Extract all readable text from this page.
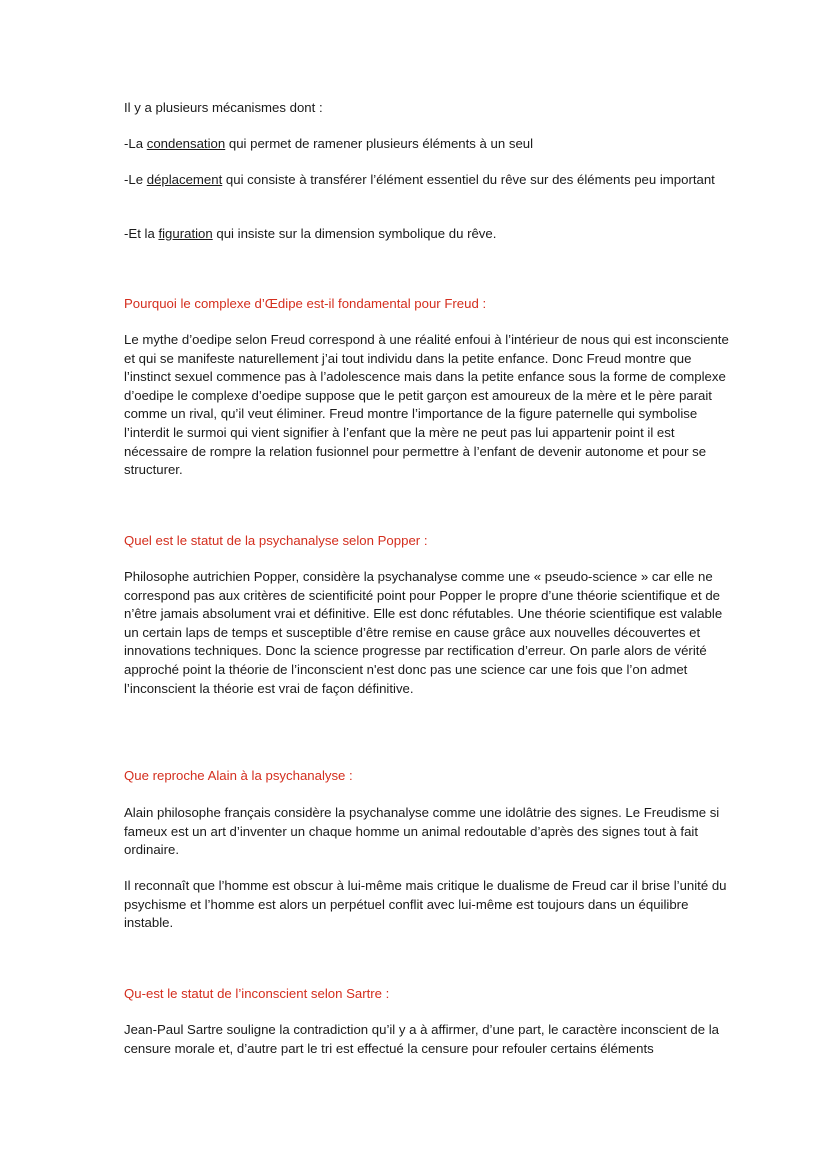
Il y a plusieurs mécanismes dont :

-La condensation qui permet de ramener plusieurs éléments à un seul

-Le déplacement qui consiste à transférer l’élément essentiel du rêve sur des éléments peu important

-Et la figuration qui insiste sur la dimension symbolique du rêve.

Pourquoi le complexe d’Œdipe est-il fondamental pour Freud :

Le mythe d’oedipe selon Freud correspond à une réalité enfoui à l’intérieur de nous qui est inconsciente et qui se manifeste naturellement j’ai tout individu dans la petite enfance. Donc Freud montre que l’instinct sexuel commence pas à l’adolescence mais dans la petite enfance sous la forme de complexe d’oedipe le complexe d’oedipe suppose que le petit garçon est amoureux de la mère et le père parait comme un rival, qu’il veut éliminer. Freud montre l’importance de la figure paternelle qui symbolise l’interdit le surmoi qui vient signifier à l’enfant que la mère ne peut pas lui appartenir point il est nécessaire de rompre la relation fusionnel pour permettre à l’enfant de devenir autonome et pour se structurer.

Quel est le statut de la psychanalyse selon Popper :

Philosophe autrichien Popper, considère la psychanalyse comme une « pseudo-science » car elle ne correspond pas aux critères de scientificité point pour Popper le propre d’une théorie scientifique et de n’être jamais absolument vrai et définitive. Elle est donc réfutables. Une théorie scientifique est valable un certain laps de temps et susceptible d’être remise en cause grâce aux nouvelles découvertes et innovations techniques. Donc la science progresse par rectification d’erreur. On parle alors de vérité approché point la théorie de l’inconscient n'est donc pas une science car une fois que l’on admet l’inconscient la théorie est vrai de façon définitive.

Que reproche Alain à la psychanalyse :

Alain philosophe français considère la psychanalyse comme une idolâtrie des signes. Le Freudisme si fameux est un art d’inventer un chaque homme un animal redoutable d’après des signes tout à fait ordinaire.

Il reconnaît que l’homme est obscur à lui-même mais critique le dualisme de Freud car il brise l’unité du psychisme et l’homme est alors un perpétuel conflit avec lui-même est toujours dans un équilibre instable.

Qu-est le statut de l’inconscient selon Sartre :

Jean-Paul Sartre souligne la contradiction qu’il y a à affirmer, d’une part, le caractère inconscient de la censure morale et, d’autre part le tri est effectué la censure pour refouler certains éléments
